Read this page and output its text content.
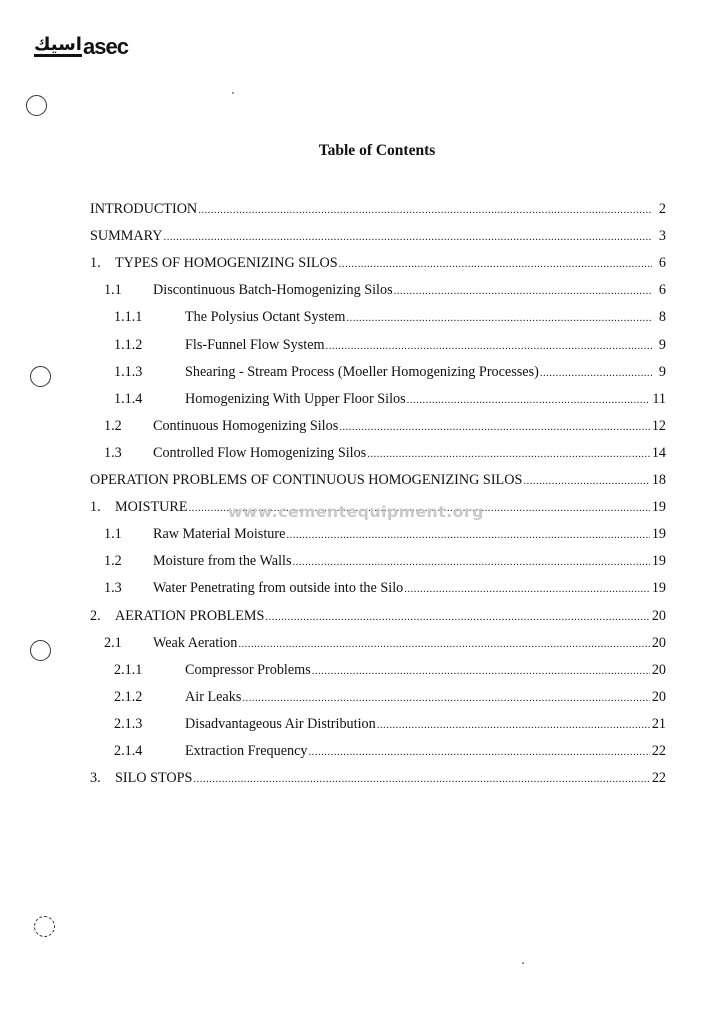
اسيك asec
Table of Contents
INTRODUCTION .....	2
SUMMARY .....	3
1. TYPES OF HOMOGENIZING SILOS .....	6
1.1 Discontinuous Batch-Homogenizing Silos .....	6
1.1.1	The Polysius Octant System .....	8
1.1.2	Fls-Funnel Flow System .....	9
1.1.3	Shearing - Stream Process (Moeller Homogenizing Processes) .....	9
1.1.4	Homogenizing With Upper Floor Silos .....	11
1.2 Continuous Homogenizing Silos .....	12
1.3 Controlled Flow Homogenizing Silos .....	14
OPERATION PROBLEMS OF CONTINUOUS HOMOGENIZING SILOS .....	18
1. MOISTURE .....	19
1.1 Raw Material Moisture .....	19
1.2 Moisture from the Walls .....	19
1.3 Water Penetrating from outside into the Silo .....	19
2. AERATION PROBLEMS .....	20
2.1 Weak Aeration .....	20
2.1.1	Compressor Problems .....	20
2.1.2	Air Leaks .....	20
2.1.3	Disadvantageous Air Distribution .....	21
2.1.4	Extraction Frequency .....	22
3. SILO STOPS .....	22
www.cementequipment.org
